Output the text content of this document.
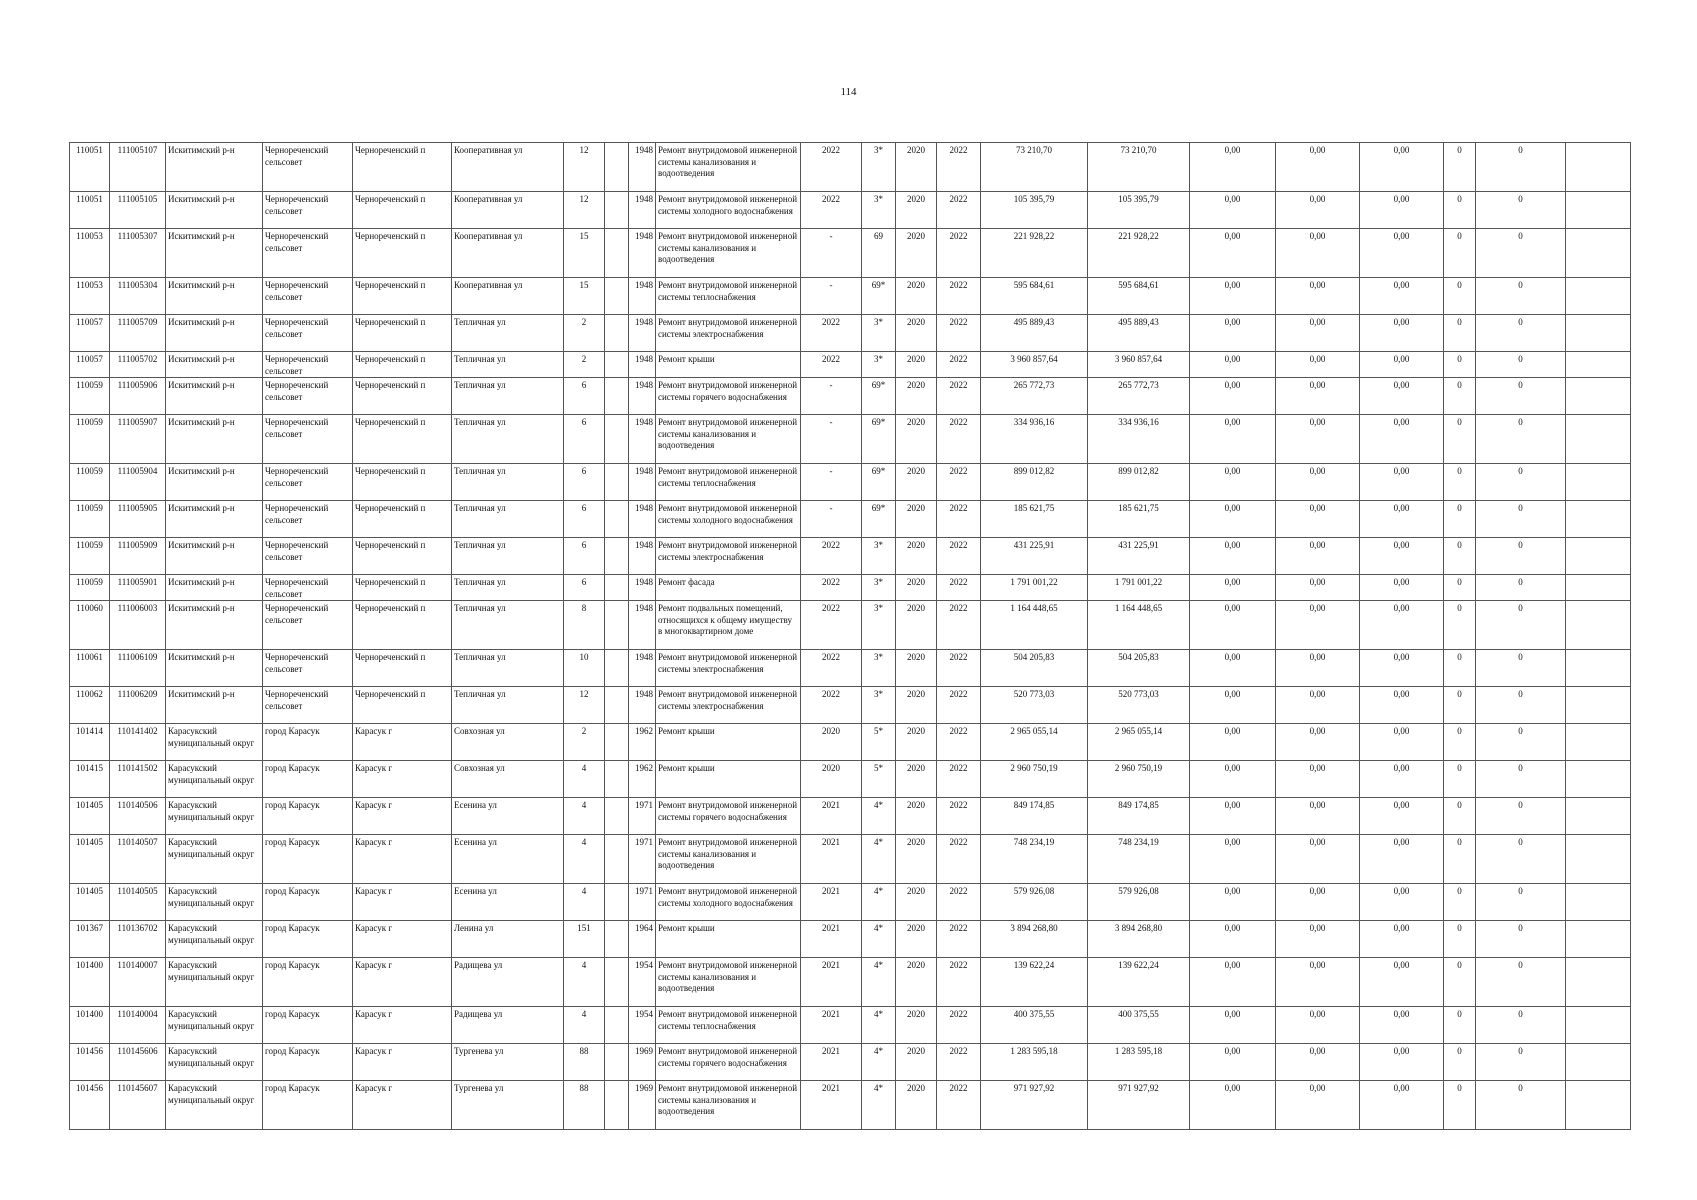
114
110051	111005107	Искитимский р-н	Чернореченский сельсовет	Чернореченский п	Кооперативная ул	12		1948	Ремонт внутридомовой инженерной системы канализования и водоотведения	2022	3*	2020	2022	73 210,70	73 210,70	0,00	0,00	0,00	0	0	
110051	111005105	Искитимский р-н	Чернореченский сельсовет	Чернореченский п	Кооперативная ул	12		1948	Ремонт внутридомовой инженерной системы холодного водоснабжения	2022	3*	2020	2022	105 395,79	105 395,79	0,00	0,00	0,00	0	0	
110053	111005307	Искитимский р-н	Чернореченский сельсовет	Чернореченский п	Кооперативная ул	15		1948	Ремонт внутридомовой инженерной системы канализования и водоотведения	-	69	2020	2022	221 928,22	221 928,22	0,00	0,00	0,00	0	0	
110053	111005304	Искитимский р-н	Чернореченский сельсовет	Чернореченский п	Кооперативная ул	15		1948	Ремонт внутридомовой инженерной системы теплоснабжения	-	69*	2020	2022	595 684,61	595 684,61	0,00	0,00	0,00	0	0	
110057	111005709	Искитимский р-н	Чернореченский сельсовет	Чернореченский п	Тепличная ул	2		1948	Ремонт внутридомовой инженерной системы электроснабжения	2022	3*	2020	2022	495 889,43	495 889,43	0,00	0,00	0,00	0	0	
110057	111005702	Искитимский р-н	Чернореченский сельсовет	Чернореченский п	Тепличная ул	2		1948	Ремонт крыши	2022	3*	2020	2022	3 960 857,64	3 960 857,64	0,00	0,00	0,00	0	0	
110059	111005906	Искитимский р-н	Чернореченский сельсовет	Чернореченский п	Тепличная ул	6		1948	Ремонт внутридомовой инженерной системы горячего водоснабжения	-	69*	2020	2022	265 772,73	265 772,73	0,00	0,00	0,00	0	0	
110059	111005907	Искитимский р-н	Чернореченский сельсовет	Чернореченский п	Тепличная ул	6		1948	Ремонт внутридомовой инженерной системы канализования и водоотведения	-	69*	2020	2022	334 936,16	334 936,16	0,00	0,00	0,00	0	0	
110059	111005904	Искитимский р-н	Чернореченский сельсовет	Чернореченский п	Тепличная ул	6		1948	Ремонт внутридомовой инженерной системы теплоснабжения	-	69*	2020	2022	899 012,82	899 012,82	0,00	0,00	0,00	0	0	
110059	111005905	Искитимский р-н	Чернореченский сельсовет	Чернореченский п	Тепличная ул	6		1948	Ремонт внутридомовой инженерной системы холодного водоснабжения	-	69*	2020	2022	185 621,75	185 621,75	0,00	0,00	0,00	0	0	
110059	111005909	Искитимский р-н	Чернореченский сельсовет	Чернореченский п	Тепличная ул	6		1948	Ремонт внутридомовой инженерной системы электроснабжения	2022	3*	2020	2022	431 225,91	431 225,91	0,00	0,00	0,00	0	0	
110059	111005901	Искитимский р-н	Чернореченский сельсовет	Чернореченский п	Тепличная ул	6		1948	Ремонт фасада	2022	3*	2020	2022	1 791 001,22	1 791 001,22	0,00	0,00	0,00	0	0	
110060	111006003	Искитимский р-н	Чернореченский сельсовет	Чернореченский п	Тепличная ул	8		1948	Ремонт подвальных помещений, относящихся к общему имуществу в многоквартирном доме	2022	3*	2020	2022	1 164 448,65	1 164 448,65	0,00	0,00	0,00	0	0	
110061	111006109	Искитимский р-н	Чернореченский сельсовет	Чернореченский п	Тепличная ул	10		1948	Ремонт внутридомовой инженерной системы электроснабжения	2022	3*	2020	2022	504 205,83	504 205,83	0,00	0,00	0,00	0	0	
110062	111006209	Искитимский р-н	Чернореченский сельсовет	Чернореченский п	Тепличная ул	12		1948	Ремонт внутридомовой инженерной системы электроснабжения	2022	3*	2020	2022	520 773,03	520 773,03	0,00	0,00	0,00	0	0	
101414	110141402	Карасукский муниципальный округ	город Карасук	Карасук г	Совхозная ул	2		1962	Ремонт крыши	2020	5*	2020	2022	2 965 055,14	2 965 055,14	0,00	0,00	0,00	0	0	
101415	110141502	Карасукский муниципальный округ	город Карасук	Карасук г	Совхозная ул	4		1962	Ремонт крыши	2020	5*	2020	2022	2 960 750,19	2 960 750,19	0,00	0,00	0,00	0	0	
101405	110140506	Карасукский муниципальный округ	город Карасук	Карасук г	Есенина ул	4		1971	Ремонт внутридомовой инженерной системы горячего водоснабжения	2021	4*	2020	2022	849 174,85	849 174,85	0,00	0,00	0,00	0	0	
101405	110140507	Карасукский муниципальный округ	город Карасук	Карасук г	Есенина ул	4		1971	Ремонт внутридомовой инженерной системы канализования и водоотведения	2021	4*	2020	2022	748 234,19	748 234,19	0,00	0,00	0,00	0	0	
101405	110140505	Карасукский муниципальный округ	город Карасук	Карасук г	Есенина ул	4		1971	Ремонт внутридомовой инженерной системы холодного водоснабжения	2021	4*	2020	2022	579 926,08	579 926,08	0,00	0,00	0,00	0	0	
101367	110136702	Карасукский муниципальный округ	город Карасук	Карасук г	Ленина ул	151		1964	Ремонт крыши	2021	4*	2020	2022	3 894 268,80	3 894 268,80	0,00	0,00	0,00	0	0	
101400	110140007	Карасукский муниципальный округ	город Карасук	Карасук г	Радищева ул	4		1954	Ремонт внутридомовой инженерной системы канализования и водоотведения	2021	4*	2020	2022	139 622,24	139 622,24	0,00	0,00	0,00	0	0	
101400	110140004	Карасукский муниципальный округ	город Карасук	Карасук г	Радищева ул	4		1954	Ремонт внутридомовой инженерной системы теплоснабжения	2021	4*	2020	2022	400 375,55	400 375,55	0,00	0,00	0,00	0	0	
101456	110145606	Карасукский муниципальный округ	город Карасук	Карасук г	Тургенева ул	88		1969	Ремонт внутридомовой инженерной системы горячего водоснабжения	2021	4*	2020	2022	1 283 595,18	1 283 595,18	0,00	0,00	0,00	0	0	
101456	110145607	Карасукский муниципальный округ	город Карасук	Карасук г	Тургенева ул	88		1969	Ремонт внутридомовой инженерной системы канализования и водоотведения	2021	4*	2020	2022	971 927,92	971 927,92	0,00	0,00	0,00	0	0	
